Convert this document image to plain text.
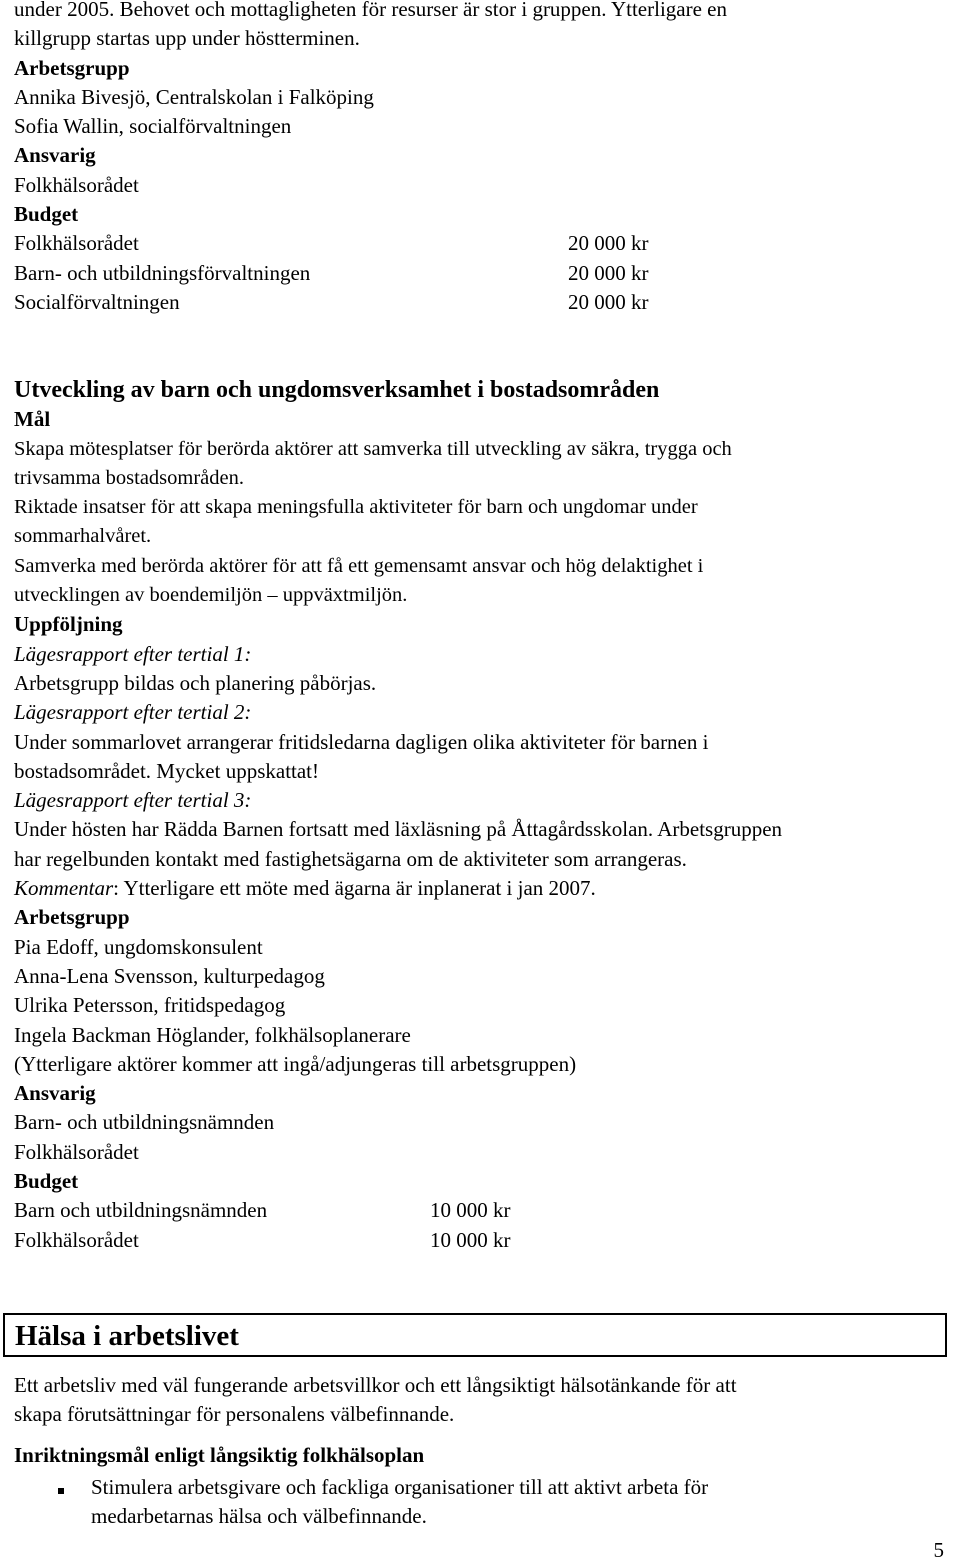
under 2005. Behovet och mottagligheten för resurser är stor i gruppen. Ytterligare en
killgrupp startas upp under höstterminen.
Arbetsgrupp
Annika Bivesjö, Centralskolan i Falköping
Sofia Wallin, socialförvaltningen
Ansvarig
Folkhälsorådet
Budget
Folkhälsorådet	20 000 kr
Barn- och utbildningsförvaltningen	20 000 kr
Socialförvaltningen	20 000 kr
Utveckling av barn och ungdomsverksamhet i bostadsområden
Mål
Skapa mötesplatser för berörda aktörer att samverka till utveckling av säkra, trygga och
trivsamma bostadsområden.
Riktade insatser för att skapa meningsfulla aktiviteter för barn och ungdomar under
sommarhalvåret.
Samverka med berörda aktörer för att få ett gemensamt ansvar och hög delaktighet i
utvecklingen av boendemiljön – uppväxtmiljön.
Uppföljning
Lägesrapport efter tertial 1:
Arbetsgrupp bildas och planering påbörjas.
Lägesrapport efter tertial 2:
Under sommarlovet arrangerar fritidsledarna dagligen olika aktiviteter för barnen i
bostadsområdet. Mycket uppskattat!
Lägesrapport efter tertial 3:
Under hösten har Rädda Barnen fortsatt med läxläsning på Åttagårdsskolan. Arbetsgruppen
har regelbunden kontakt med fastighetsägarna om de aktiviteter som arrangeras.
Kommentar: Ytterligare ett möte med ägarna är inplanerat i jan 2007.
Arbetsgrupp
Pia Edoff, ungdomskonsulent
Anna-Lena Svensson, kulturpedagog
Ulrika Petersson, fritidspedagog
Ingela Backman Höglander, folkhälsoplanerare
(Ytterligare aktörer kommer att ingå/adjungeras till arbetsgruppen)
Ansvarig
Barn- och utbildningsnämnden
Folkhälsorådet
Budget
Barn och utbildningsnämnden	10 000 kr
Folkhälsorådet	10 000 kr
Hälsa i arbetslivet
Ett arbetsliv med väl fungerande arbetsvillkor och ett långsiktigt hälsotänkande för att
skapa förutsättningar för personalens välbefinnande.
Inriktningsmål enligt långsiktig folkhälsoplan
Stimulera arbetsgivare och fackliga organisationer till att aktivt arbeta för
medarbetarnas hälsa och välbefinnande.
5
